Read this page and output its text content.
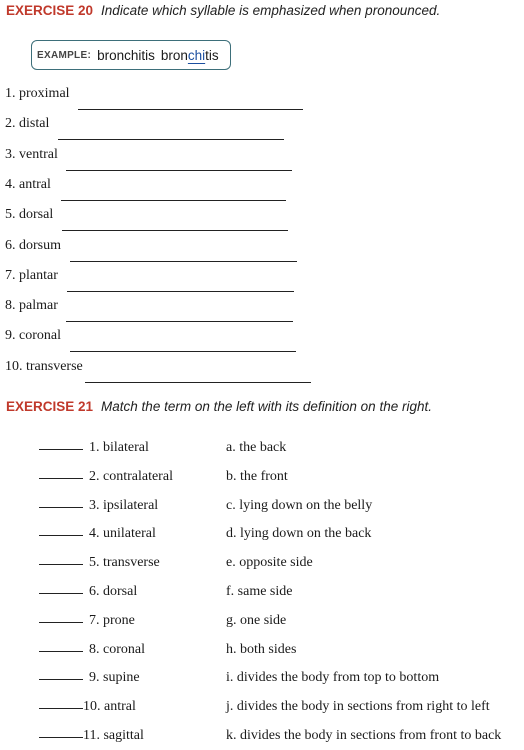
EXERCISE 20 Indicate which syllable is emphasized when pronounced.
EXAMPLE: bronchitis bronchitis
1. proximal
2. distal
3. ventral
4. antral
5. dorsal
6. dorsum
7. plantar
8. palmar
9. coronal
10. transverse
EXERCISE 21 Match the term on the left with its definition on the right.
1. bilateral	a. the back
2. contralateral	b. the front
3. ipsilateral	c. lying down on the belly
4. unilateral	d. lying down on the back
5. transverse	e. opposite side
6. dorsal	f. same side
7. prone	g. one side
8. coronal	h. both sides
9. supine	i. divides the body from top to bottom
10. antral	j. divides the body in sections from right to left
11. sagittal	k. divides the body in sections from front to back
